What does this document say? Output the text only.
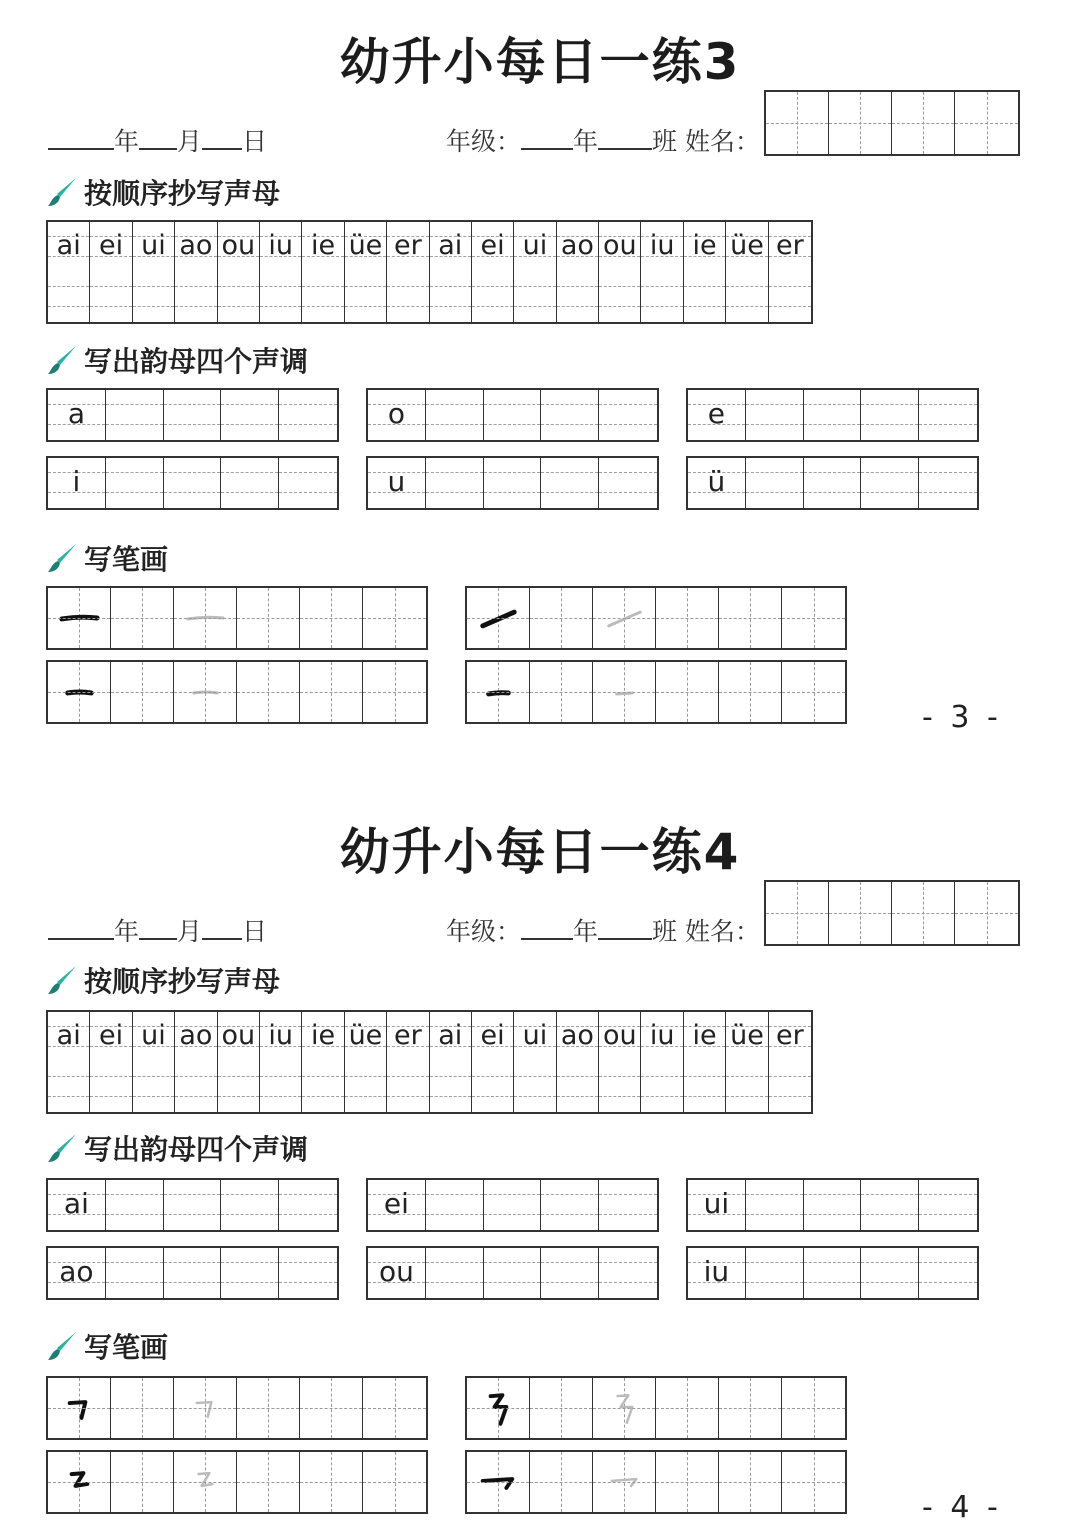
幼升小每日一练3
年 月 日	年级： 年 班 姓名：
按顺序抄写声母
ai ei ui ao ou iu ie üe er ai ei ui ao ou iu ie üe er
写出韵母四个声调
a	o	e
i	u	ü
写笔画
- 3 -
幼升小每日一练4
年 月 日	年级： 年 班 姓名：
按顺序抄写声母
ai ei ui ao ou iu ie üe er ai ei ui ao ou iu ie üe er
写出韵母四个声调
ai	ei	ui
ao	ou	iu
写笔画
- 4 -
